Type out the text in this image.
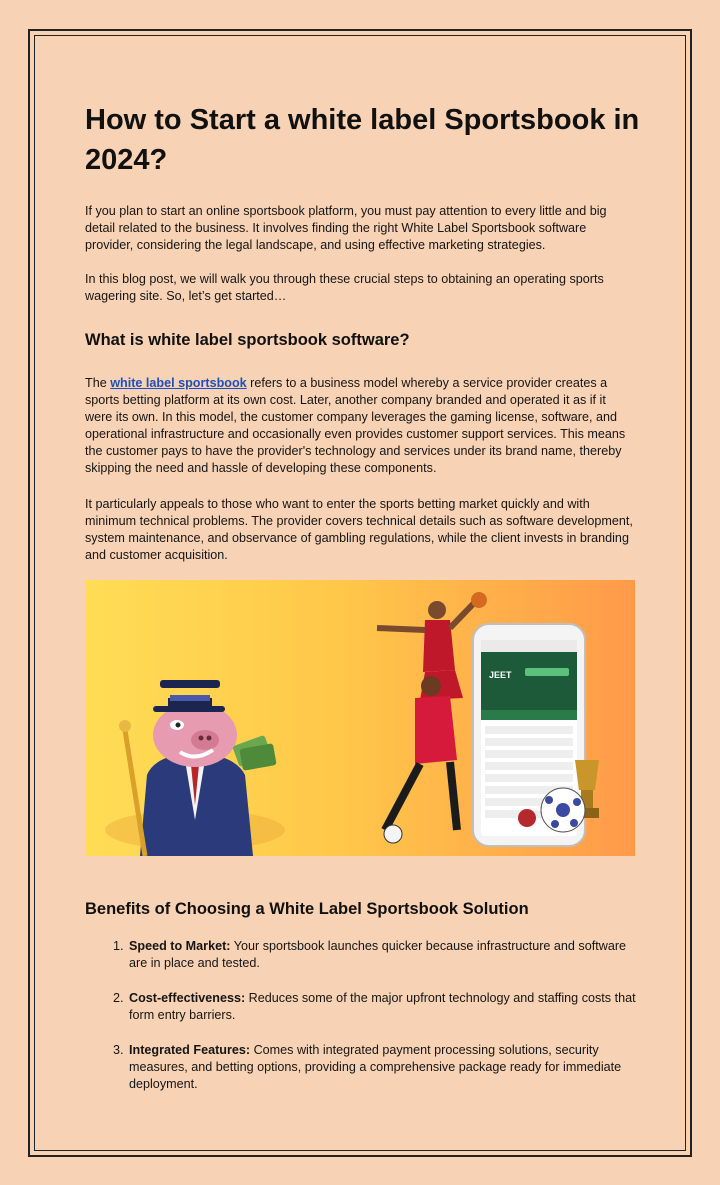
How to Start a white label Sportsbook in 2024?

If you plan to start an online sportsbook platform, you must pay attention to every little and big detail related to the business. It involves finding the right White Label Sportsbook software provider, considering the legal landscape, and using effective marketing strategies.

In this blog post, we will walk you through these crucial steps to obtaining an operating sports wagering site. So, let’s get started…

What is white label sportsbook software?

The white label sportsbook refers to a business model whereby a service provider creates a sports betting platform at its own cost. Later, another company branded and operated it as if it were its own. In this model, the customer company leverages the gaming license, software, and operational infrastructure and occasionally even provides customer support services. This means the customer pays to have the provider's technology and services under its brand name, thereby skipping the need and hassle of developing these components.

It particularly appeals to those who want to enter the sports betting market quickly and with minimum technical problems. The provider covers technical details such as software development, system maintenance, and observance of gambling regulations, while the client invests in branding and customer acquisition.

JEET
Benefits of Choosing a White Label Sportsbook Solution
1. Speed to Market: Your sportsbook launches quicker because infrastructure and software are in place and tested.
2. Cost-effectiveness: Reduces some of the major upfront technology and staffing costs that form entry barriers.
3. Integrated Features: Comes with integrated payment processing solutions, security measures, and betting options, providing a comprehensive package ready for immediate deployment.
